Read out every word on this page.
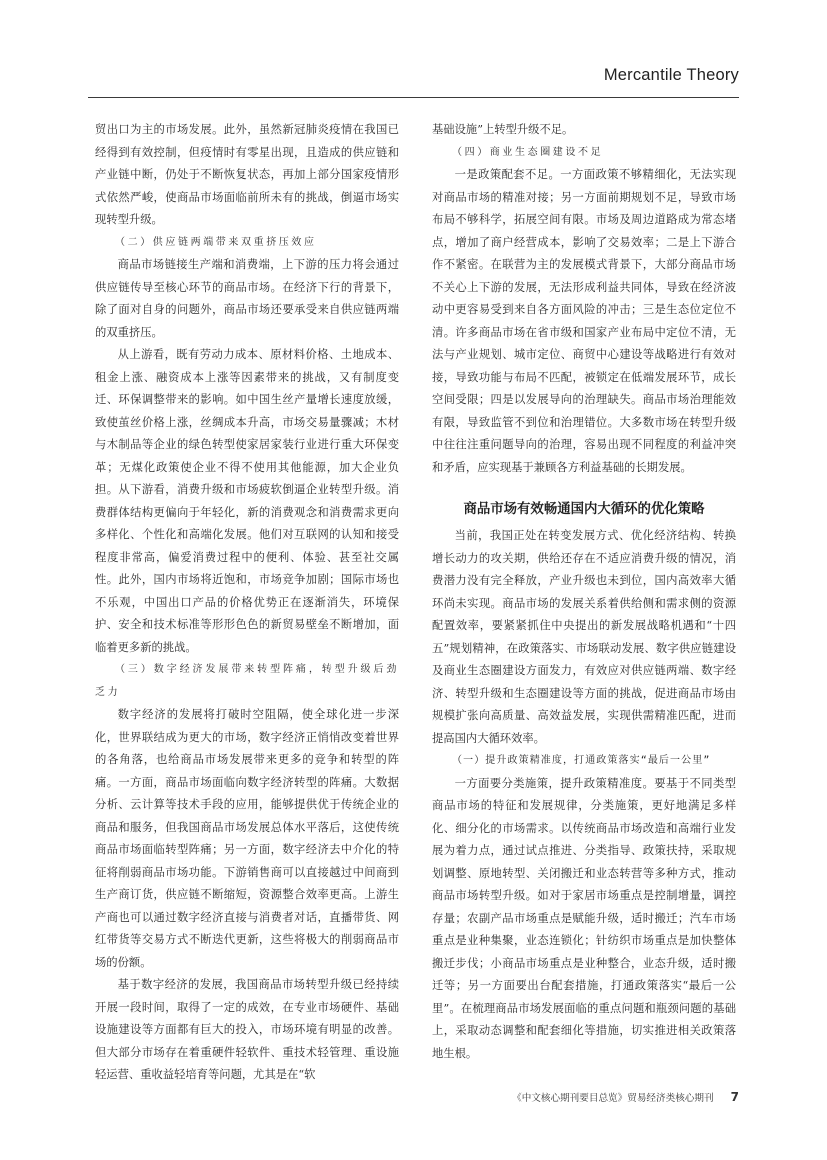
Mercantile Theory

贸出口为主的市场发展。此外，虽然新冠肺炎疫情在我国已经得到有效控制，但疫情时有零星出现，且造成的供应链和产业链中断，仍处于不断恢复状态，再加上部分国家疫情形式依然严峻，使商品市场面临前所未有的挑战，倒逼市场实现转型升级。

（二）供应链两端带来双重挤压效应

商品市场链接生产端和消费端，上下游的压力将会通过供应链传导至核心环节的商品市场。在经济下行的背景下，除了面对自身的问题外，商品市场还要承受来自供应链两端的双重挤压。

从上游看，既有劳动力成本、原材料价格、土地成本、租金上涨、融资成本上涨等因素带来的挑战，又有制度变迁、环保调整带来的影响。如中国生丝产量增长速度放缓，致使茧丝价格上涨，丝绸成本升高，市场交易量骤减；木材与木制品等企业的绿色转型使家居家装行业进行重大环保变革；无煤化政策使企业不得不使用其他能源，加大企业负担。从下游看，消费升级和市场疲软倒逼企业转型升级。消费群体结构更偏向于年轻化，新的消费观念和消费需求更向多样化、个性化和高端化发展。他们对互联网的认知和接受程度非常高，偏爱消费过程中的便利、体验、甚至社交属性。此外，国内市场将近饱和，市场竞争加剧；国际市场也不乐观，中国出口产品的价格优势正在逐渐消失，环境保护、安全和技术标准等形形色色的新贸易壁垒不断增加，面临着更多新的挑战。

（三）数字经济发展带来转型阵痛，转型升级后劲乏力

数字经济的发展将打破时空阻隔，使全球化进一步深化，世界联结成为更大的市场，数字经济正悄悄改变着世界的各角落，也给商品市场发展带来更多的竞争和转型的阵痛。一方面，商品市场面临向数字经济转型的阵痛。大数据分析、云计算等技术手段的应用，能够提供优于传统企业的商品和服务，但我国商品市场发展总体水平落后，这使传统商品市场面临转型阵痛；另一方面，数字经济去中介化的特征将削弱商品市场功能。下游销售商可以直接越过中间商到生产商订货，供应链不断缩短，资源整合效率更高。上游生产商也可以通过数字经济直接与消费者对话，直播带货、网红带货等交易方式不断迭代更新，这些将极大的削弱商品市场的份额。

基于数字经济的发展，我国商品市场转型升级已经持续开展一段时间，取得了一定的成效，在专业市场硬件、基础设施建设等方面都有巨大的投入，市场环境有明显的改善。但大部分市场存在着重硬件轻软件、重技术轻管理、重设施轻运营、重收益轻培育等问题，尤其是在“软

基础设施”上转型升级不足。

（四）商业生态圈建设不足

一是政策配套不足。一方面政策不够精细化，无法实现对商品市场的精准对接；另一方面前期规划不足，导致市场布局不够科学，拓展空间有限。市场及周边道路成为常态堵点，增加了商户经营成本，影响了交易效率；二是上下游合作不紧密。在联营为主的发展模式背景下，大部分商品市场不关心上下游的发展，无法形成利益共同体，导致在经济波动中更容易受到来自各方面风险的冲击；三是生态位定位不清。许多商品市场在省市级和国家产业布局中定位不清，无法与产业规划、城市定位、商贸中心建设等战略进行有效对接，导致功能与布局不匹配，被锁定在低端发展环节，成长空间受限；四是以发展导向的治理缺失。商品市场治理能效有限，导致监管不到位和治理错位。大多数市场在转型升级中往往注重问题导向的治理，容易出现不同程度的利益冲突和矛盾，应实现基于兼顾各方利益基础的长期发展。

商品市场有效畅通国内大循环的优化策略

当前，我国正处在转变发展方式、优化经济结构、转换增长动力的攻关期，供给还存在不适应消费升级的情况，消费潜力没有完全释放，产业升级也未到位，国内高效率大循环尚未实现。商品市场的发展关系着供给侧和需求侧的资源配置效率，要紧紧抓住中央提出的新发展战略机遇和“十四五”规划精神，在政策落实、市场联动发展、数字供应链建设及商业生态圈建设方面发力，有效应对供应链两端、数字经济、转型升级和生态圈建设等方面的挑战，促进商品市场由规模扩张向高质量、高效益发展，实现供需精准匹配，进而提高国内大循环效率。

（一）提升政策精准度，打通政策落实“最后一公里”

一方面要分类施策，提升政策精准度。要基于不同类型商品市场的特征和发展规律，分类施策，更好地满足多样化、细分化的市场需求。以传统商品市场改造和高端行业发展为着力点，通过试点推进、分类指导、政策扶持，采取规划调整、原地转型、关闭搬迁和业态转营等多种方式，推动商品市场转型升级。如对于家居市场重点是控制增量，调控存量；农副产品市场重点是赋能升级，适时搬迁；汽车市场重点是业种集聚，业态连锁化；针纺织市场重点是加快整体搬迁步伐；小商品市场重点是业种整合，业态升级，适时搬迁等；另一方面要出台配套措施，打通政策落实“最后一公里”。在梳理商品市场发展面临的重点问题和瓶颈问题的基础上，采取动态调整和配套细化等措施，切实推进相关政策落地生根。

《中文核心期刊要目总览》贸易经济类核心期刊 7
